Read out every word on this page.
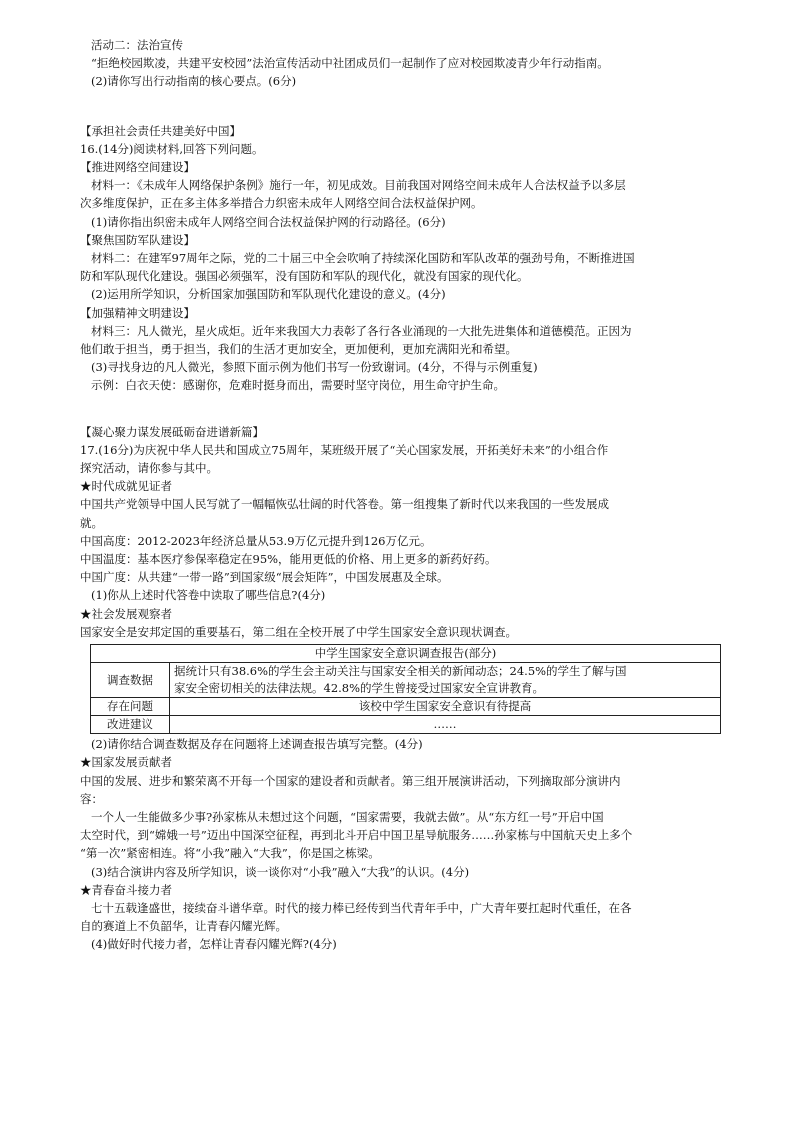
活动二：法治宣传

“拒绝校园欺凌，共建平安校园”法治宣传活动中社团成员们一起制作了应对校园欺凌青少年行动指南。

(2)请你写出行动指南的核心要点。(6分)

【承担社会责任共建美好中国】

16.(14分)阅读材料,回答下列问题。

【推进网络空间建设】

材料一：《未成年人网络保护条例》施行一年，初见成效。目前我国对网络空间未成年人合法权益予以多层

次多维度保护，正在多主体多举措合力织密未成年人网络空间合法权益保护网。

(1)请你指出织密未成年人网络空间合法权益保护网的行动路径。(6分)

【聚焦国防军队建设】

材料二：在建军97周年之际，党的二十届三中全会吹响了持续深化国防和军队改革的强劲号角，不断推进国

防和军队现代化建设。强国必须强军，没有国防和军队的现代化，就没有国家的现代化。

(2)运用所学知识，分析国家加强国防和军队现代化建设的意义。(4分)

【加强精神文明建设】

材料三：凡人微光，星火成炬。近年来我国大力表彰了各行各业涌现的一大批先进集体和道德模范。正因为

他们敢于担当，勇于担当，我们的生活才更加安全，更加便利，更加充满阳光和希望。

(3)寻找身边的凡人微光，参照下面示例为他们书写一份致谢词。(4分，不得与示例重复)

示例：白衣天使：感谢你，危难时挺身而出，需要时坚守岗位，用生命守护生命。

【凝心聚力谋发展砥砺奋进谱新篇】

17.(16分)为庆祝中华人民共和国成立75周年，某班级开展了“关心国家发展，开拓美好未来”的小组合作

探究活动，请你参与其中。

★时代成就见证者

中国共产党领导中国人民写就了一幅幅恢弘壮阔的时代答卷。第一组搜集了新时代以来我国的一些发展成

就。

中国高度：2012-2023年经济总量从53.9万亿元提升到126万亿元。

中国温度：基本医疗参保率稳定在95%，能用更低的价格、用上更多的新药好药。

中国广度：从共建“一带一路”到国家级“展会矩阵”，中国发展惠及全球。

(1)你从上述时代答卷中读取了哪些信息?(4分)

★社会发展观察者

国家安全是安邦定国的重要基石，第二组在全校开展了中学生国家安全意识现状调查。

中学生国家安全意识调查报告(部分)	
调查数据	据统计只有38.6%的学生会主动关注与国家安全相关的新闻动态；24.5%的学生了解与国
家安全密切相关的法律法规。42.8%的学生曾接受过国家安全宣讲教育。

存在问题	该校中学生国家安全意识有待提高
改进建议	……

(2)请你结合调查数据及存在问题将上述调查报告填写完整。(4分)

★国家发展贡献者

中国的发展、进步和繁荣离不开每一个国家的建设者和贡献者。第三组开展演讲活动，下列摘取部分演讲内

容：

一个人一生能做多少事?孙家栋从未想过这个问题，“国家需要，我就去做”。从“东方红一号”开启中国

太空时代，到“嫦娥一号”迈出中国深空征程，再到北斗开启中国卫星导航服务……孙家栋与中国航天史上多个

“第一次”紧密相连。将“小我”融入“大我”，你是国之栋梁。

(3)结合演讲内容及所学知识，谈一谈你对“小我”融入“大我”的认识。(4分)

★青春奋斗接力者

七十五载逢盛世，接续奋斗谱华章。时代的接力棒已经传到当代青年手中，广大青年要扛起时代重任，在各

自的赛道上不负韶华，让青春闪耀光辉。

(4)做好时代接力者，怎样让青春闪耀光辉?(4分)
